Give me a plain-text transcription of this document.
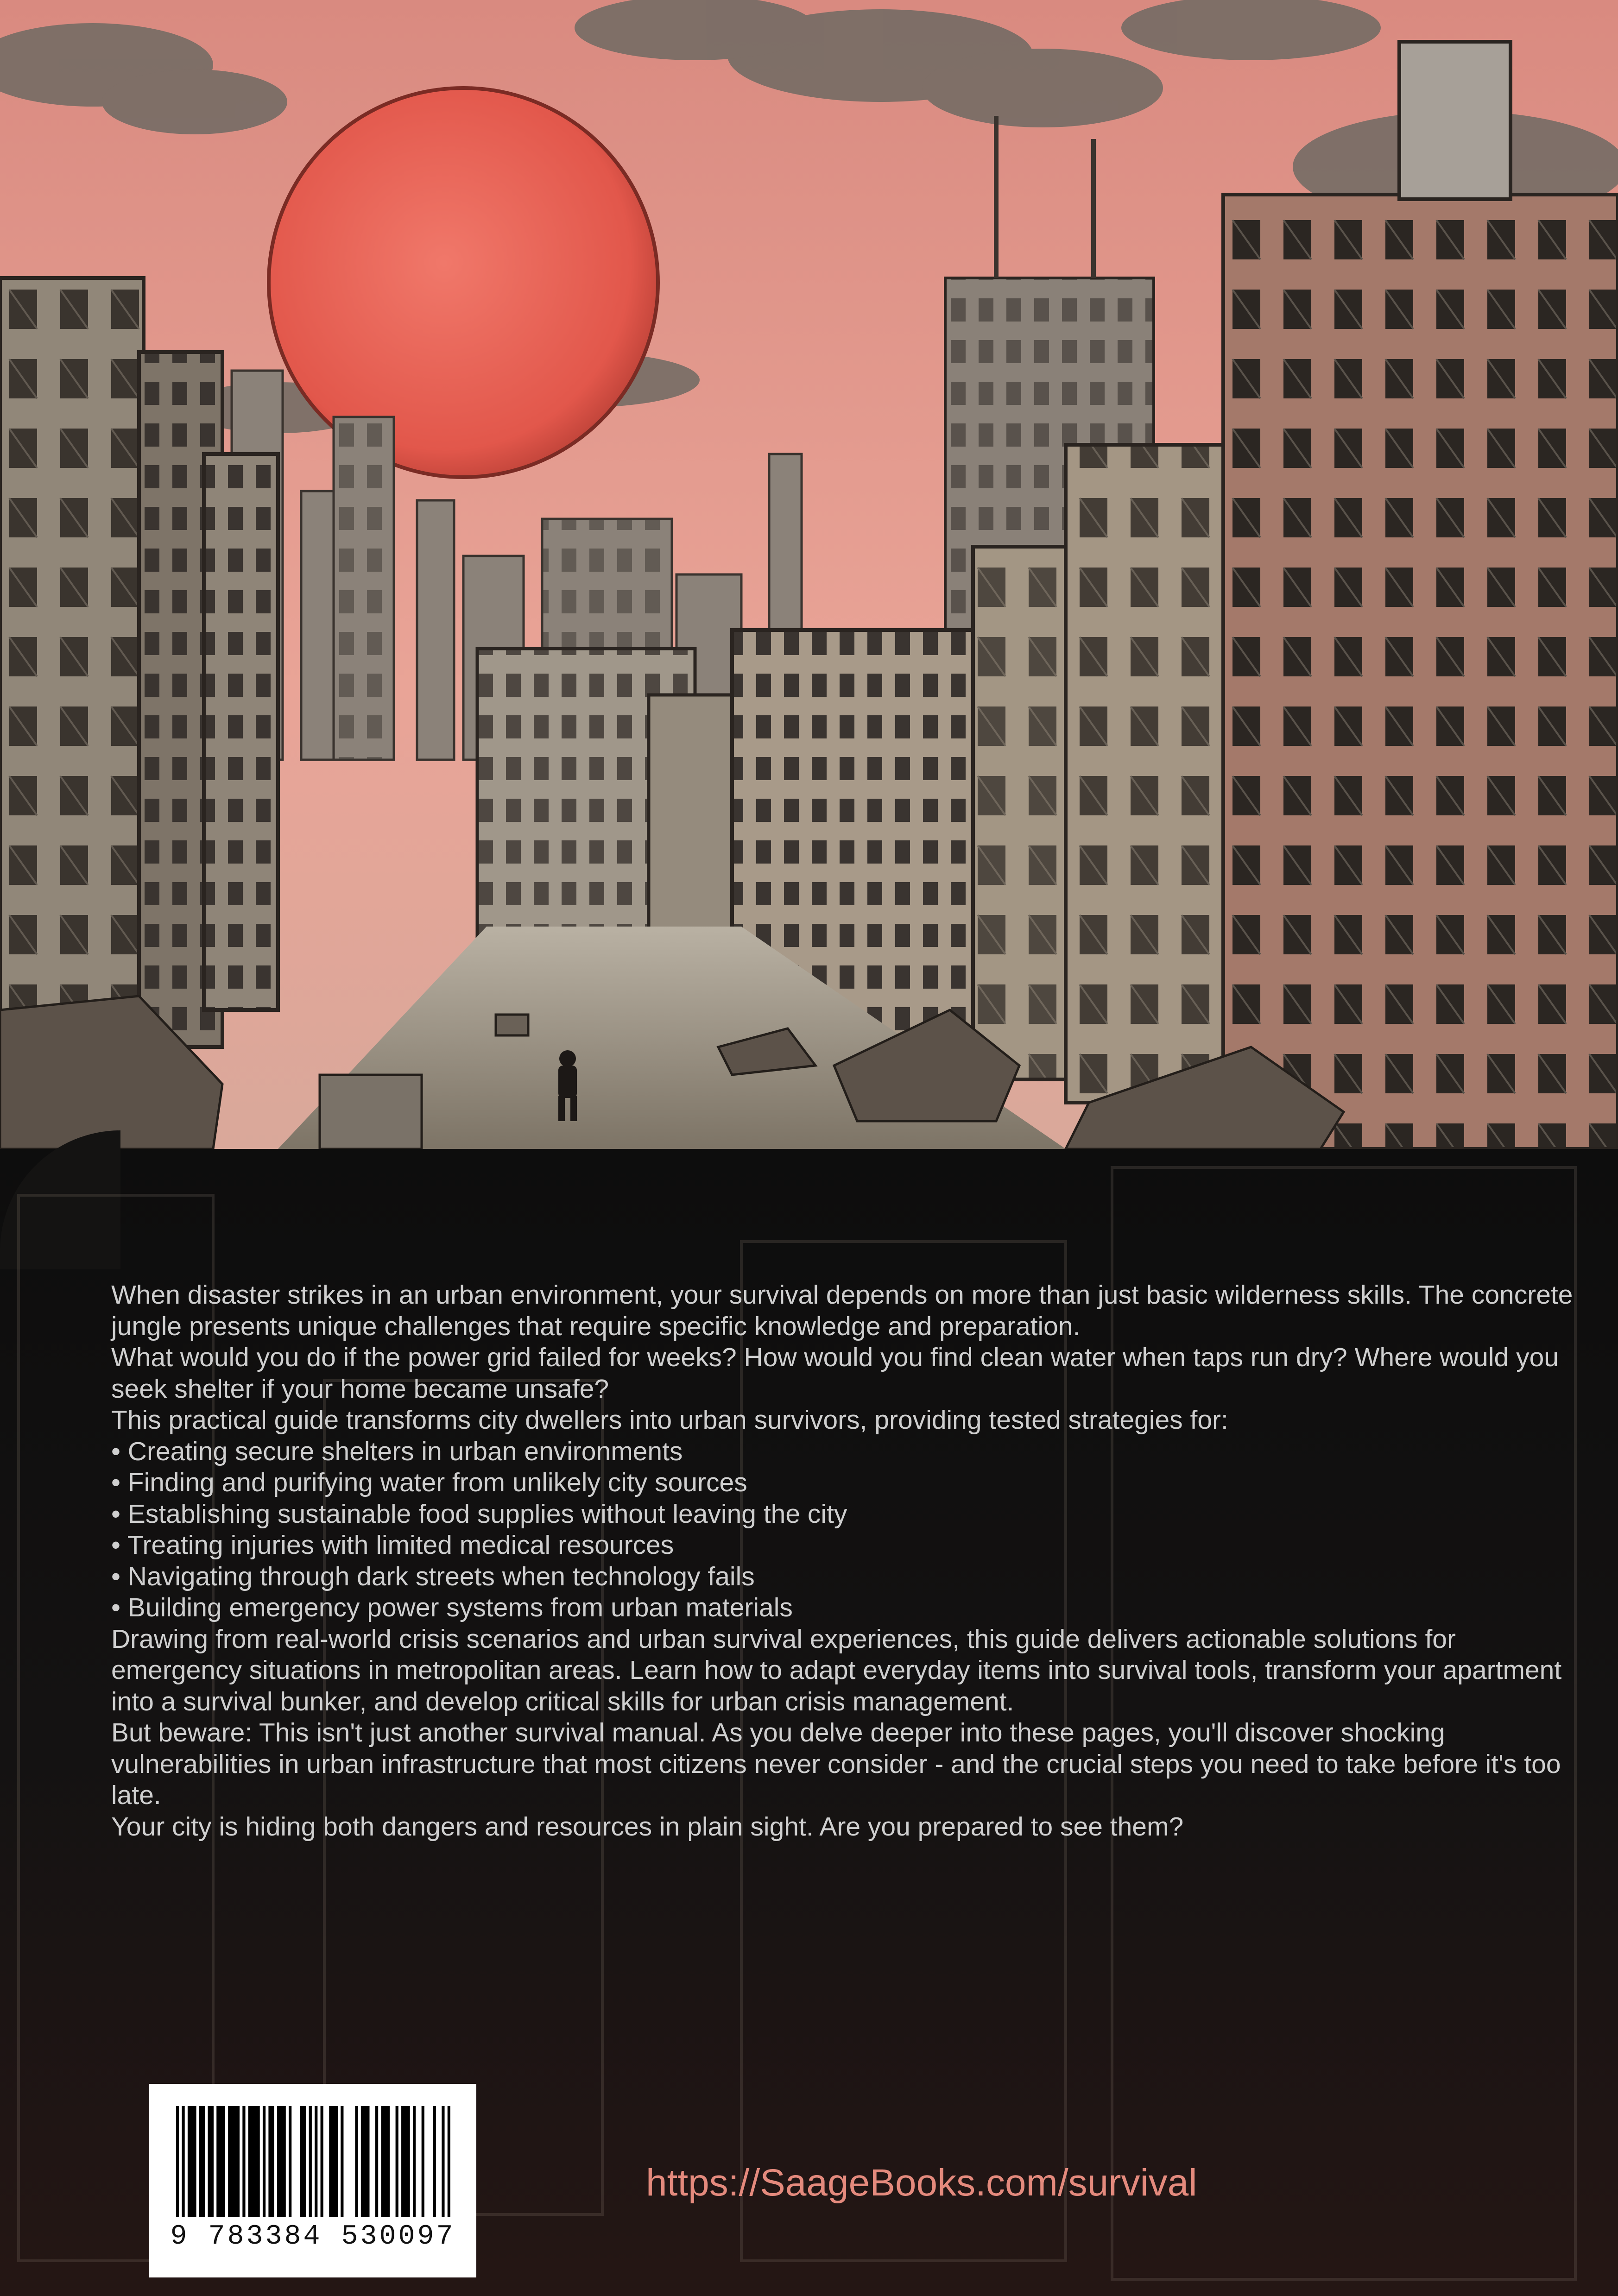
When disaster strikes in an urban environment, your survival depends on more than just basic wilderness skills. The concrete jungle presents unique challenges that require specific knowledge and preparation.

What would you do if the power grid failed for weeks? How would you find clean water when taps run dry? Where would you seek shelter if your home became unsafe?

This practical guide transforms city dwellers into urban survivors, providing tested strategies for:

• Creating secure shelters in urban environments
• Finding and purifying water from unlikely city sources
• Establishing sustainable food supplies without leaving the city
• Treating injuries with limited medical resources
• Navigating through dark streets when technology fails
• Building emergency power systems from urban materials

Drawing from real-world crisis scenarios and urban survival experiences, this guide delivers actionable solutions for emergency situations in metropolitan areas. Learn how to adapt everyday items into survival tools, transform your apartment into a survival bunker, and develop critical skills for urban crisis management.

But beware: This isn't just another survival manual. As you delve deeper into these pages, you'll discover shocking vulnerabilities in urban infrastructure that most citizens never consider - and the crucial steps you need to take before it's too late.

Your city is hiding both dangers and resources in plain sight. Are you prepared to see them?

9 783384 530097
https://SaageBooks.com/survival
